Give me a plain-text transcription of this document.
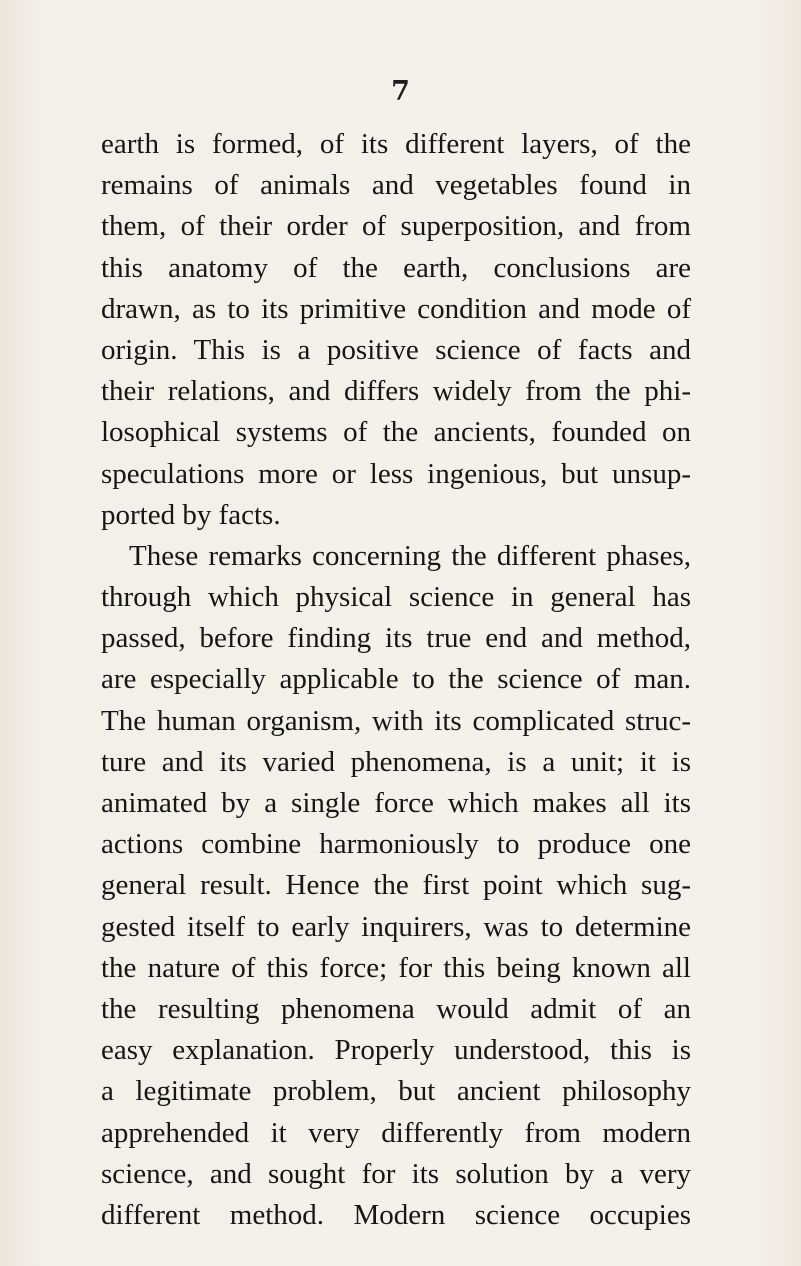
7
earth is formed, of its different layers, of the
remains of animals and vegetables found in
them, of their order of superposition, and from
this anatomy of the earth, conclusions are
drawn, as to its primitive condition and mode of
origin. This is a positive science of facts and
their relations, and differs widely from the phi-
losophical systems of the ancients, founded on
speculations more or less ingenious, but unsup-
ported by facts.
These remarks concerning the different phases,
through which physical science in general has
passed, before finding its true end and method,
are especially applicable to the science of man.
The human organism, with its complicated struc-
ture and its varied phenomena, is a unit; it is
animated by a single force which makes all its
actions combine harmoniously to produce one
general result. Hence the first point which sug-
gested itself to early inquirers, was to determine
the nature of this force; for this being known all
the resulting phenomena would admit of an
easy explanation. Properly understood, this is
a legitimate problem, but ancient philosophy
apprehended it very differently from modern
science, and sought for its solution by a very
different method. Modern science occupies
